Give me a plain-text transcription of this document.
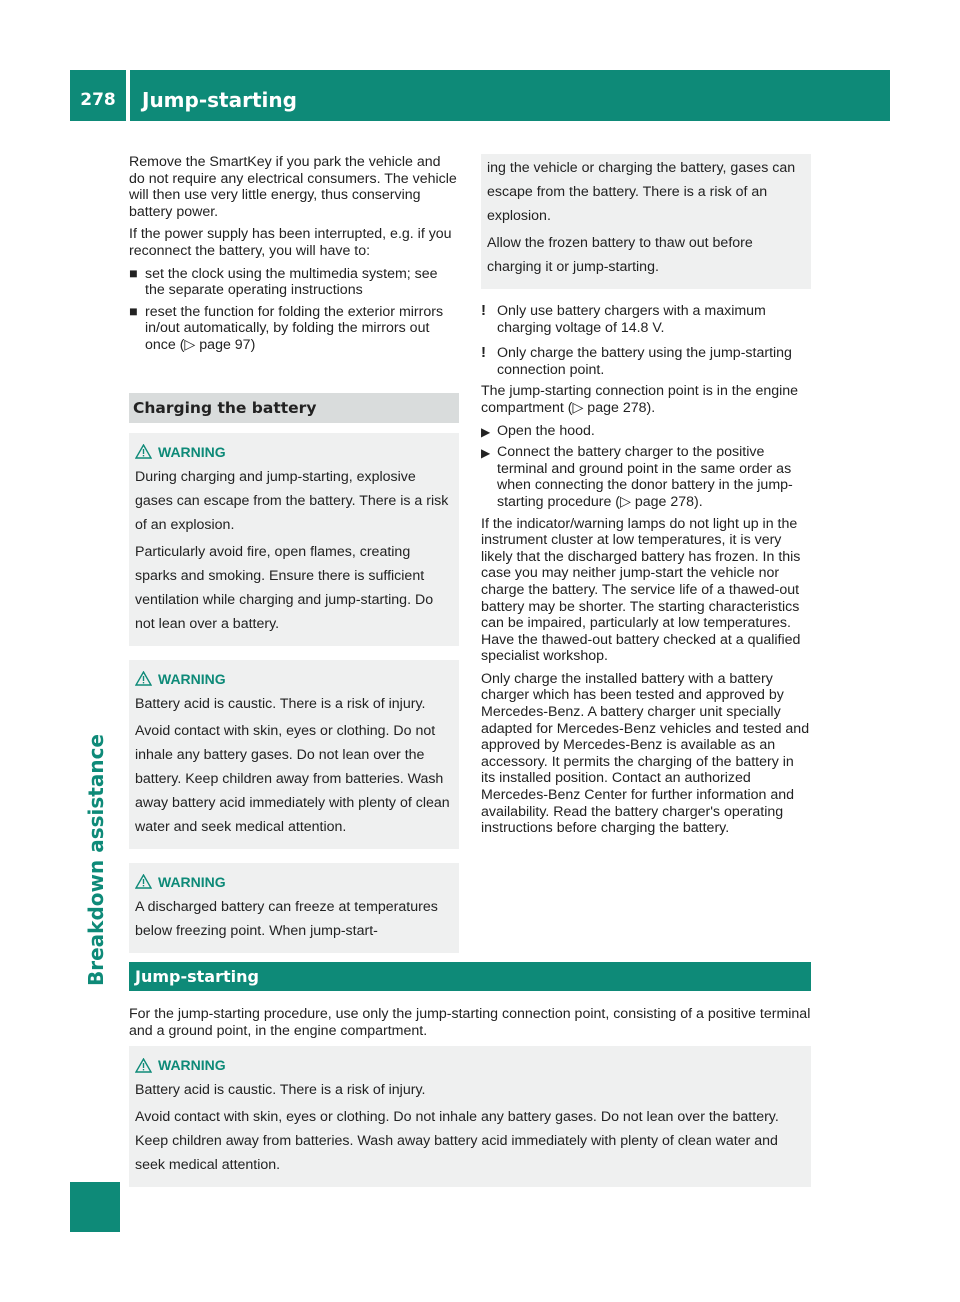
278	Jump-starting
Breakdown assistance

Remove the SmartKey if you park the vehicle and do not require any electrical consumers. The vehicle will then use very little energy, thus conserving battery power.

If the power supply has been interrupted, e.g. if you reconnect the battery, you will have to:

■ set the clock using the multimedia system; see the separate operating instructions
■ reset the function for folding the exterior mirrors in/out automatically, by folding the mirrors out once (▷ page 97)
Charging the battery
WARNING

During charging and jump-starting, explosive gases can escape from the battery. There is a risk of an explosion.

Particularly avoid fire, open flames, creating sparks and smoking. Ensure there is sufficient ventilation while charging and jump-starting. Do not lean over a battery.

WARNING

Battery acid is caustic. There is a risk of injury.

Avoid contact with skin, eyes or clothing. Do not inhale any battery gases. Do not lean over the battery. Keep children away from batteries. Wash away battery acid immediately with plenty of clean water and seek medical attention.

WARNING

A discharged battery can freeze at temperatures below freezing point. When jump-start-

ing the vehicle or charging the battery, gases can escape from the battery. There is a risk of an explosion.

Allow the frozen battery to thaw out before charging it or jump-starting.

! Only use battery chargers with a maximum charging voltage of 14.8 V.
! Only charge the battery using the jump-starting connection point.

The jump-starting connection point is in the engine compartment (▷ page 278).

▶ Open the hood.
▶ Connect the battery charger to the positive terminal and ground point in the same order as when connecting the donor battery in the jump-starting procedure (▷ page 278).

If the indicator/warning lamps do not light up in the instrument cluster at low temperatures, it is very likely that the discharged battery has frozen. In this case you may neither jump-start the vehicle nor charge the battery. The service life of a thawed-out battery may be shorter. The starting characteristics can be impaired, particularly at low temperatures. Have the thawed-out battery checked at a qualified specialist workshop.

Only charge the installed battery with a battery charger which has been tested and approved by Mercedes-Benz. A battery charger unit specially adapted for Mercedes-Benz vehicles and tested and approved by Mercedes-Benz is available as an accessory. It permits the charging of the battery in its installed position. Contact an authorized Mercedes-Benz Center for further information and availability. Read the battery charger's operating instructions before charging the battery.

Jump-starting
For the jump-starting procedure, use only the jump-starting connection point, consisting of a positive terminal and a ground point, in the engine compartment.
WARNING

Battery acid is caustic. There is a risk of injury.

Avoid contact with skin, eyes or clothing. Do not inhale any battery gases. Do not lean over the battery. Keep children away from batteries. Wash away battery acid immediately with plenty of clean water and seek medical attention.
